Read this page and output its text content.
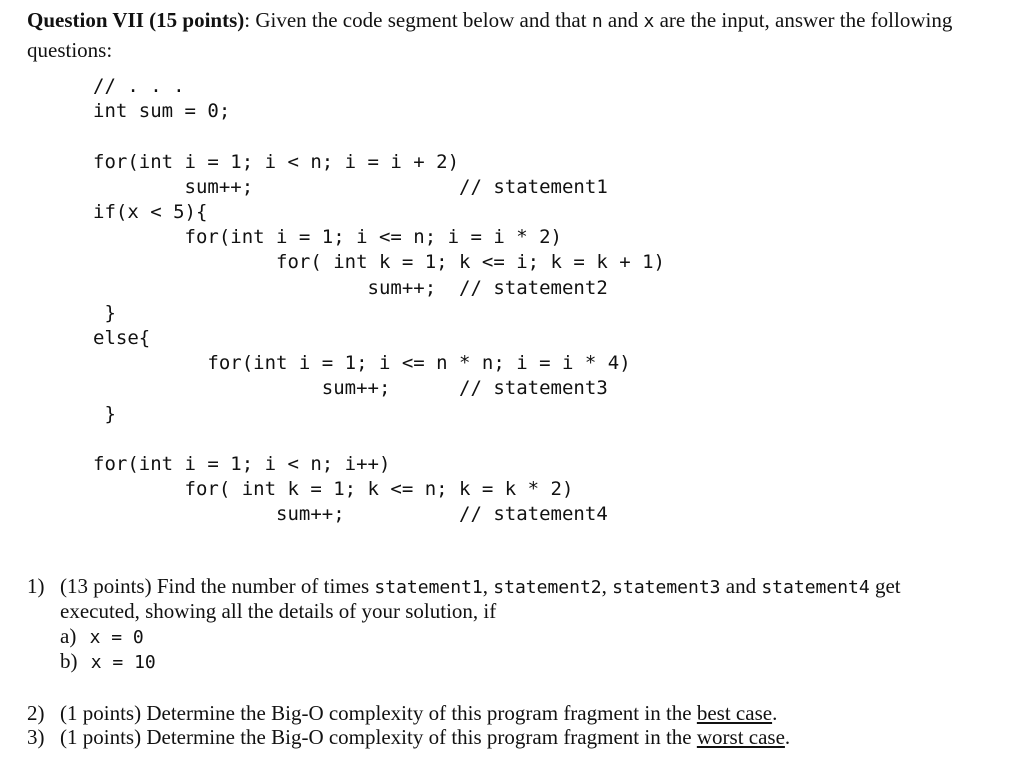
Question VII (15 points): Given the code segment below and that n and x are the input, answer the following
questions:
// . . .
int sum = 0;

for(int i = 1; i < n; i = i + 2)
sum++;                  // statement1
if(x < 5){
for(int i = 1; i <= n; i = i * 2)
for( int k = 1; k <= i; k = k + 1)
sum++;  // statement2
}
else{
for(int i = 1; i <= n * n; i = i * 4)
sum++;      // statement3
}

for(int i = 1; i < n; i++)
for( int k = 1; k <= n; k = k * 2)
sum++;          // statement4
1) (13 points) Find the number of times statement1, statement2, statement3 and statement4 get
executed, showing all the details of your solution, if
a) x = 0
b) x = 10
2) (1 points) Determine the Big-O complexity of this program fragment in the best case.
3) (1 points) Determine the Big-O complexity of this program fragment in the worst case.
